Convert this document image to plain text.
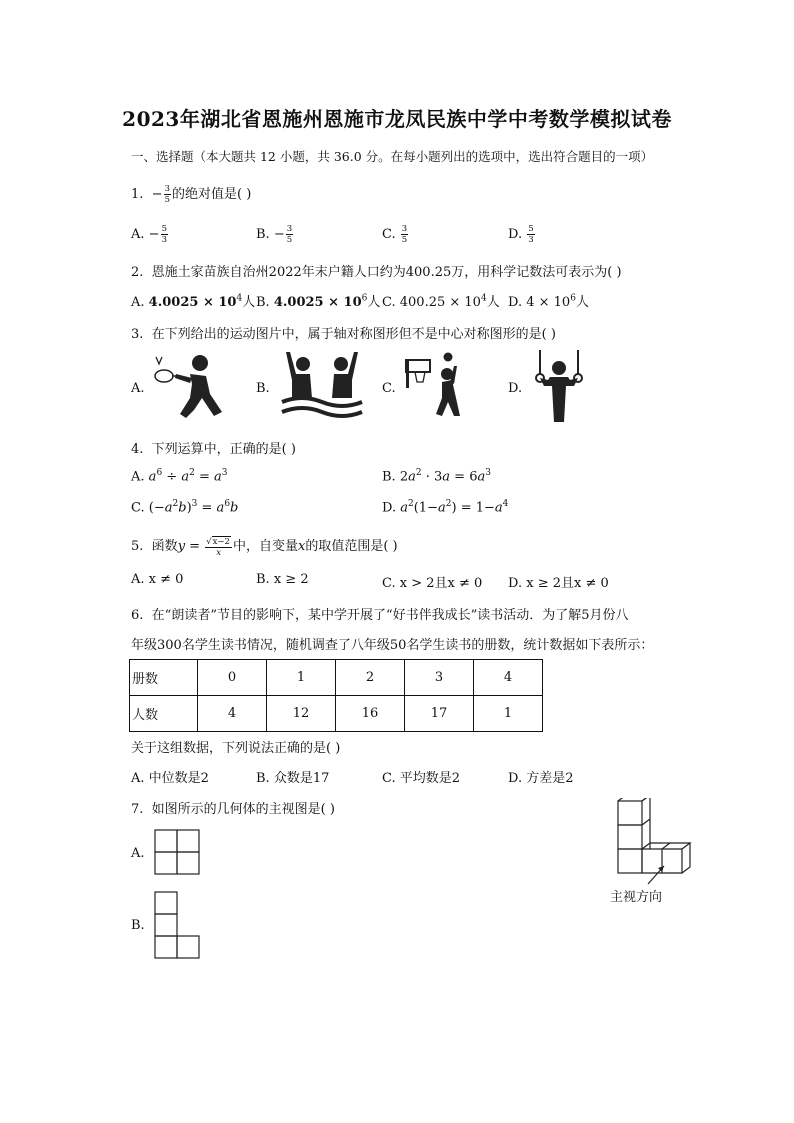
2023年湖北省恩施州恩施市龙凤民族中学中考数学模拟试卷
一、选择题（本大题共 12 小题，共 36.0 分。在每小题列出的选项中，选出符合题目的一项）
1. − $\frac{3}{5}$ 的绝对值是( )
A. − $\frac{5}{3}$	B. − $\frac{3}{5}$	C. $\frac{3}{5}$	D. $\frac{5}{3}$
2. 恩施土家苗族自治州2022年末户籍人口约为400.25万，用科学记数法可表示为( )
A. $4.0025 \times 10^4$人 B. $4.0025 \times 10^6$人 C. $400.25 \times 10^4$人 D. $4 \times 10^6$人
3. 在下列给出的运动图片中，属于轴对称图形但不是中心对称图形的是( )
A.	B.	C.	D.
4. 下列运算中，正确的是( )
A. $a^6 \div a^2 = a^3$	B. $2a^2 \cdot 3a = 6a^3$
C. $(-a^2b)^3 = a^6b$	D. $a^2(1-a^2) = 1-a^4$
5. 函数$y = \frac{√x-2}{x}$ 中，自变量x的取值范围是( )
A. x ≠ 0	B. x ≥ 2	C. x > 2且x ≠ 0 D. x ≥ 2且x ≠ 0
6. 在“朗读者”节目的影响下，某中学开展了“好书伴我成长”读书活动．为了解5月份八
年级300名学生读书情况，随机调查了八年级50名学生读书的册数，统计数据如下表所示：
册数	0	1	2	3	4
人数	4	12	16	17	1
关于这组数据，下列说法正确的是( )
A. 中位数是2	B. 众数是17	C. 平均数是2	D. 方差是2
7. 如图所示的几何体的主视图是( )
主视方向
A.
B.
